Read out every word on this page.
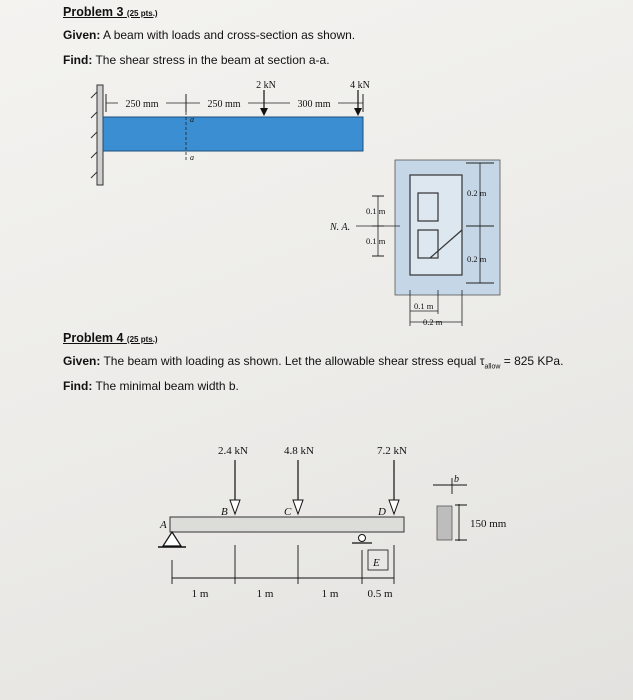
Problem 3 (25 pts.)
Given: A beam with loads and cross-section as shown.
Find: The shear stress in the beam at section a-a.
250 mm	250 mm	300 mm
2 kN	4 kN
a
a
N. A.
0.1 m
0.1 m
0.2 m
0.2 m
0.1 m
0.2 m
Problem 4 (25 pts.)
Given: The beam with loading as shown. Let the allowable shear stress equal $\tau_{allow} = 825$ KPa.
Find: The minimal beam width b.
2.4 kN	4.8 kN	7.2 kN
A
B	C	D
E
1 m	1 m	1 m	0.5 m
b
150 mm
